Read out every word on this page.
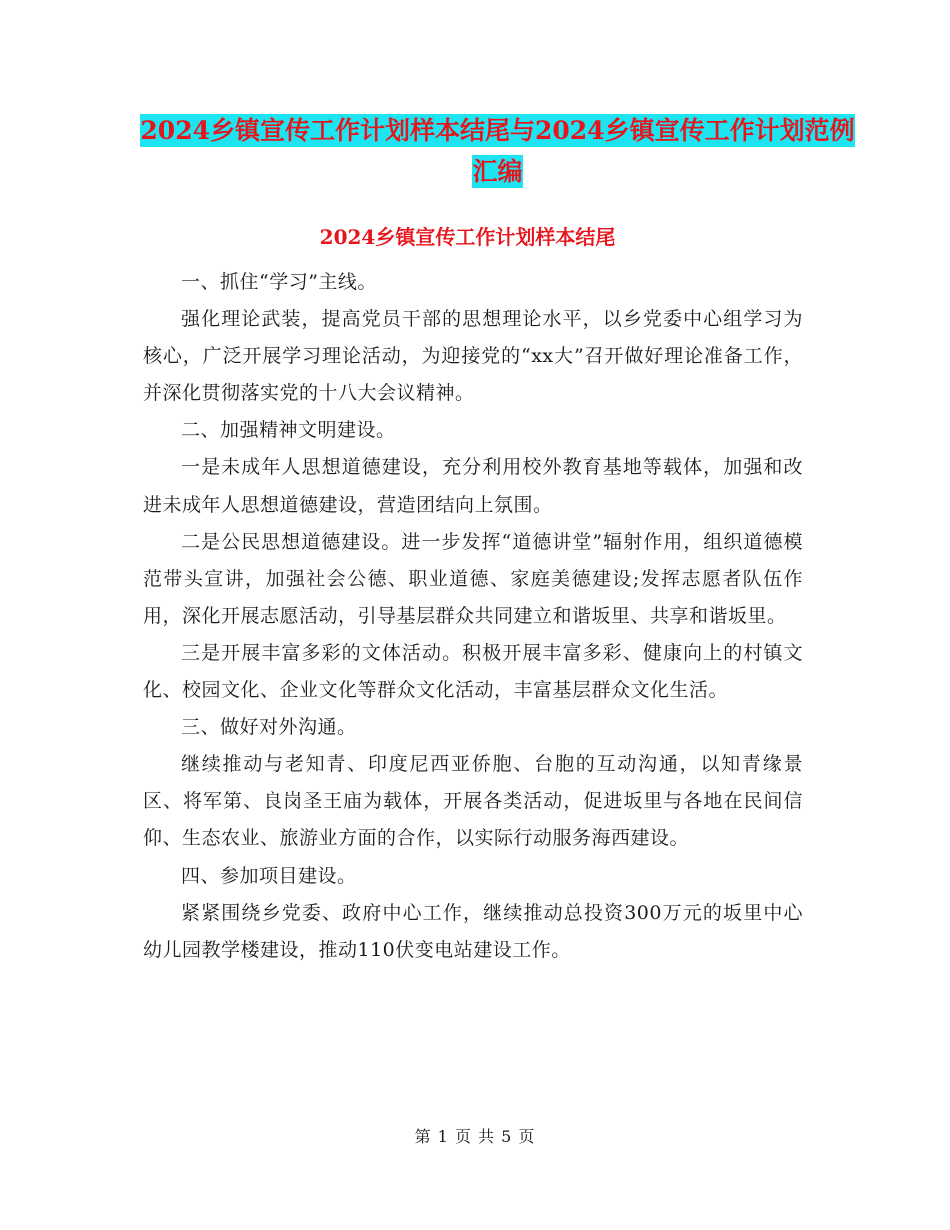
2024乡镇宣传工作计划样本结尾与2024乡镇宣传工作计划范例汇编
2024乡镇宣传工作计划样本结尾

一、抓住“学习”主线。

强化理论武装，提高党员干部的思想理论水平，以乡党委中心组学习为核心，广泛开展学习理论活动，为迎接党的“xx大”召开做好理论准备工作，并深化贯彻落实党的十八大会议精神。

二、加强精神文明建设。

一是未成年人思想道德建设，充分利用校外教育基地等载体，加强和改进未成年人思想道德建设，营造团结向上氛围。

二是公民思想道德建设。进一步发挥“道德讲堂”辐射作用，组织道德模范带头宣讲，加强社会公德、职业道德、家庭美德建设;发挥志愿者队伍作用，深化开展志愿活动，引导基层群众共同建立和谐坂里、共享和谐坂里。

三是开展丰富多彩的文体活动。积极开展丰富多彩、健康向上的村镇文化、校园文化、企业文化等群众文化活动，丰富基层群众文化生活。

三、做好对外沟通。

继续推动与老知青、印度尼西亚侨胞、台胞的互动沟通，以知青缘景区、将军第、良岗圣王庙为载体，开展各类活动，促进坂里与各地在民间信仰、生态农业、旅游业方面的合作，以实际行动服务海西建设。

四、参加项目建设。

紧紧围绕乡党委、政府中心工作，继续推动总投资300万元的坂里中心幼儿园教学楼建设，推动110伏变电站建设工作。

第 1 页 共 5 页
